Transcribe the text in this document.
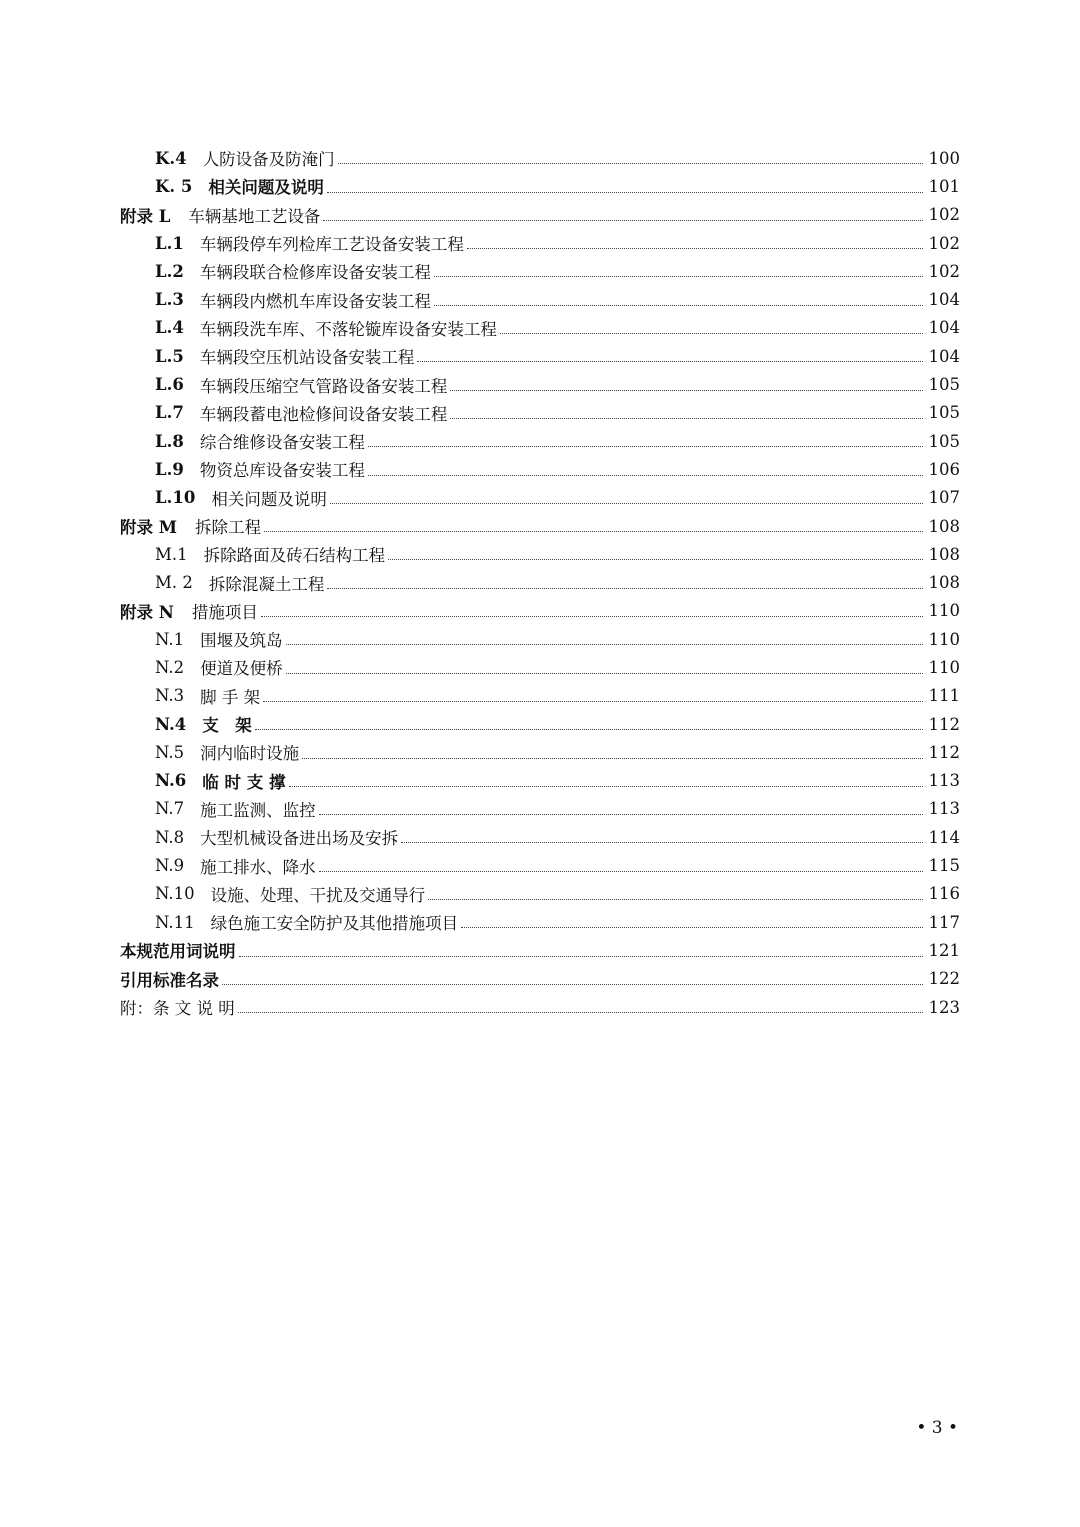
K.4 人防设备及防淹门	100
K. 5 相关问题及说明	101
附录 L 车辆基地工艺设备	102
L.1 车辆段停车列检库工艺设备安装工程	102
L.2 车辆段联合检修库设备安装工程	102
L.3 车辆段内燃机车库设备安装工程	104
L.4 车辆段洗车库、不落轮镟库设备安装工程	104
L.5 车辆段空压机站设备安装工程	104
L.6 车辆段压缩空气管路设备安装工程	105
L.7 车辆段蓄电池检修间设备安装工程	105
L.8 综合维修设备安装工程	105
L.9 物资总库设备安装工程	106
L.10 相关问题及说明	107
附录 M 拆除工程	108
M.1 拆除路面及砖石结构工程	108
M. 2 拆除混凝土工程	108
附录 N 措施项目	110
N.1 围堰及筑岛	110
N.2 便道及便桥	110
N.3 脚 手 架	111
N.4 支　架	112
N.5 洞内临时设施	112
N.6 临 时 支 撑	113
N.7 施工监测、监控	113
N.8 大型机械设备进出场及安拆	114
N.9 施工排水、降水	115
N.10 设施、处理、干扰及交通导行	116
N.11 绿色施工安全防护及其他措施项目	117
本规范用词说明	121
引用标准名录	122
附：条 文 说 明	123
• 3 •
